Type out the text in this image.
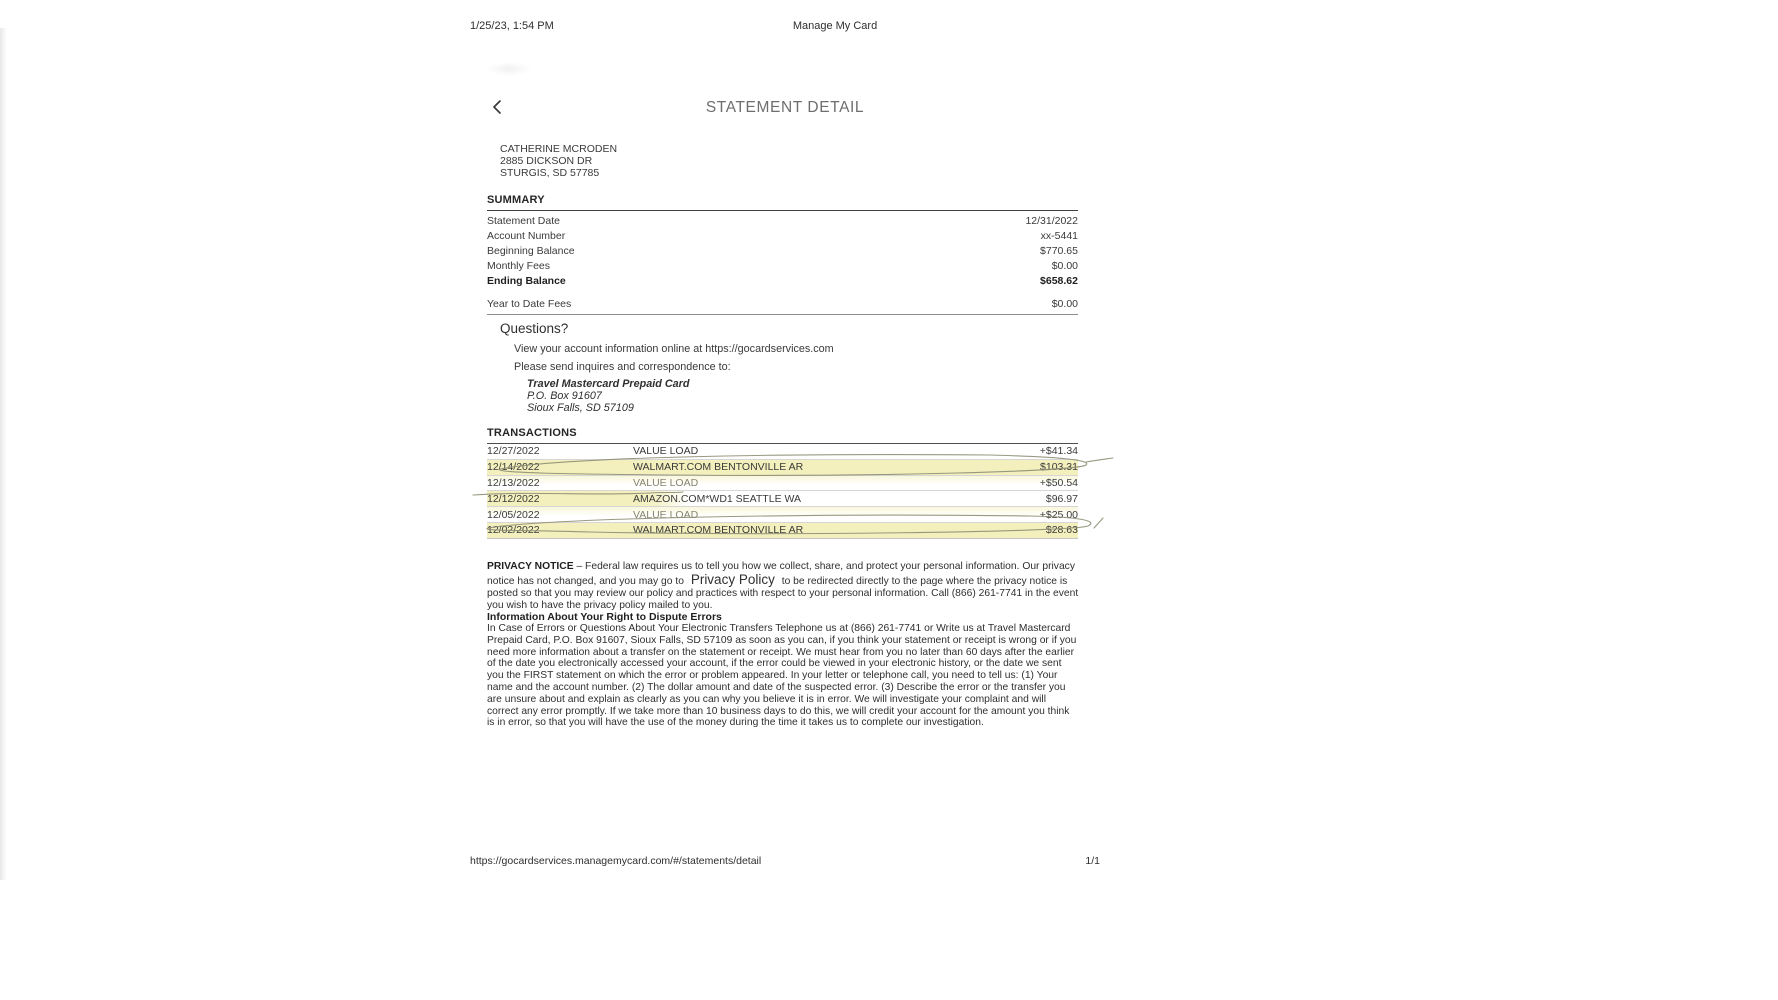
1/25/23, 1:54 PM	Manage My Card
STATEMENT DETAIL
CATHERINE MCRODEN
2885 DICKSON DR
STURGIS, SD 57785
SUMMARY
Statement Date	12/31/2022
Account Number	xx-5441
Beginning Balance	$770.65
Monthly Fees	$0.00
Ending Balance	$658.62
Year to Date Fees	$0.00
Questions?
View your account information online at https://gocardservices.com
Please send inquires and correspondence to:
Travel Mastercard Prepaid Card
P.O. Box 91607
Sioux Falls, SD 57109
TRANSACTIONS
12/27/2022	VALUE LOAD	+$41.34
12/14/2022	WALMART.COM BENTONVILLE AR	$103.31
12/13/2022	VALUE LOAD	+$50.54
12/12/2022	AMAZON.COM*WD1 SEATTLE WA	$96.97
12/05/2022	VALUE LOAD	+$25.00
12/02/2022	WALMART.COM BENTONVILLE AR	$28.63

PRIVACY NOTICE – Federal law requires us to tell you how we collect, share, and protect your personal information. Our privacy notice has not changed, and you may go to Privacy Policy to be redirected directly to the page where the privacy notice is posted so that you may review our policy and practices with respect to your personal information. Call (866) 261-7741 in the event you wish to have the privacy policy mailed to you.

Information About Your Right to Dispute Errors
In Case of Errors or Questions About Your Electronic Transfers Telephone us at (866) 261-7741 or Write us at Travel Mastercard Prepaid Card, P.O. Box 91607, Sioux Falls, SD 57109 as soon as you can, if you think your statement or receipt is wrong or if you need more information about a transfer on the statement or receipt. We must hear from you no later than 60 days after the earlier of the date you electronically accessed your account, if the error could be viewed in your electronic history, or the date we sent you the FIRST statement on which the error or problem appeared. In your letter or telephone call, you need to tell us: (1) Your name and the account number. (2) The dollar amount and date of the suspected error. (3) Describe the error or the transfer you are unsure about and explain as clearly as you can why you believe it is in error. We will investigate your complaint and will correct any error promptly. If we take more than 10 business days to do this, we will credit your account for the amount you think is in error, so that you will have the use of the money during the time it takes us to complete our investigation.
https://gocardservices.managemycard.com/#/statements/detail	1/1
